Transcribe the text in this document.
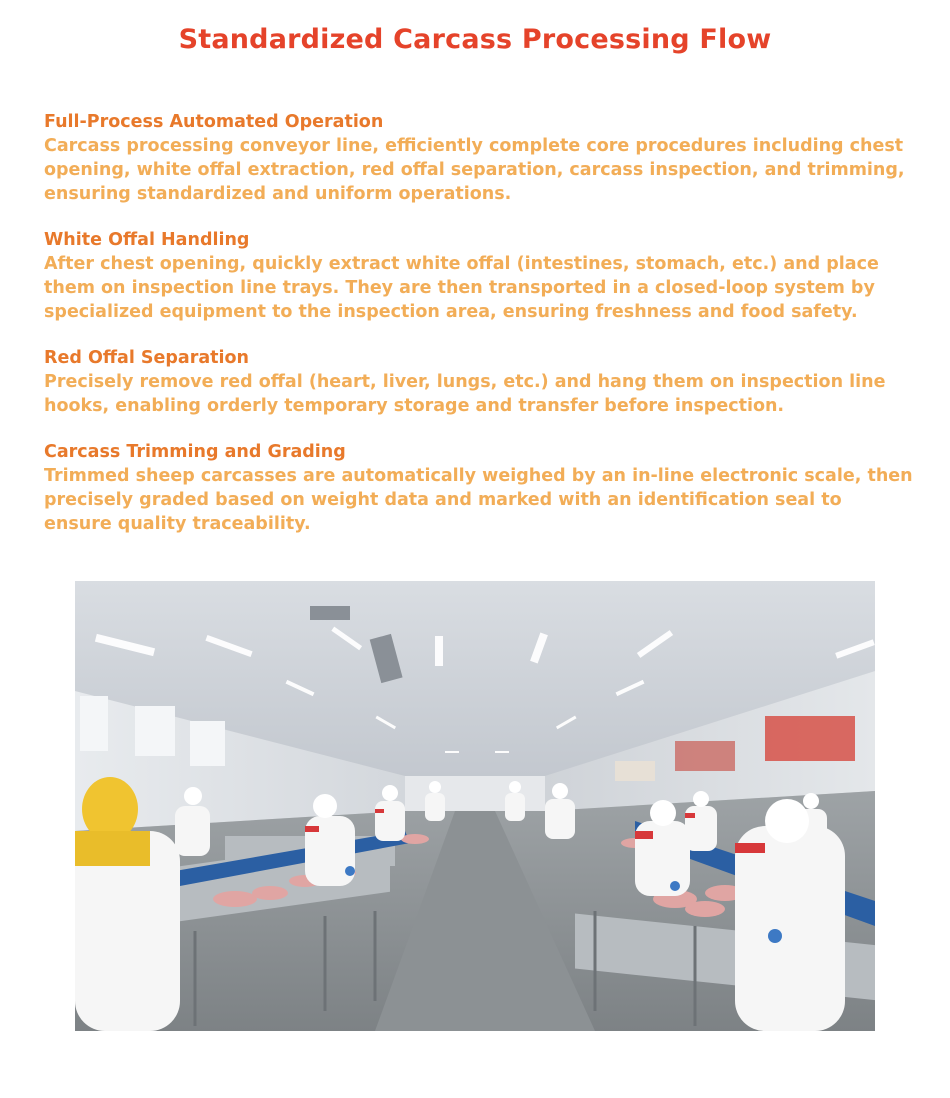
Standardized Carcass Processing Flow
Full-Process Automated Operation

Carcass processing conveyor line, efficiently complete core procedures including chest opening, white offal extraction, red offal separation, carcass inspection, and trimming, ensuring standardized and uniform operations.

White Offal Handling

After chest opening, quickly extract white offal (intestines, stomach, etc.) and place them on inspection line trays. They are then transported in a closed-loop system by specialized equipment to the inspection area, ensuring freshness and food safety.

Red Offal Separation

Precisely remove red offal (heart, liver, lungs, etc.) and hang them on inspection line hooks, enabling orderly temporary storage and transfer before inspection.

Carcass Trimming and Grading

Trimmed sheep carcasses are automatically weighed by an in-line electronic scale, then precisely graded based on weight data and marked with an identification seal to ensure quality traceability.
